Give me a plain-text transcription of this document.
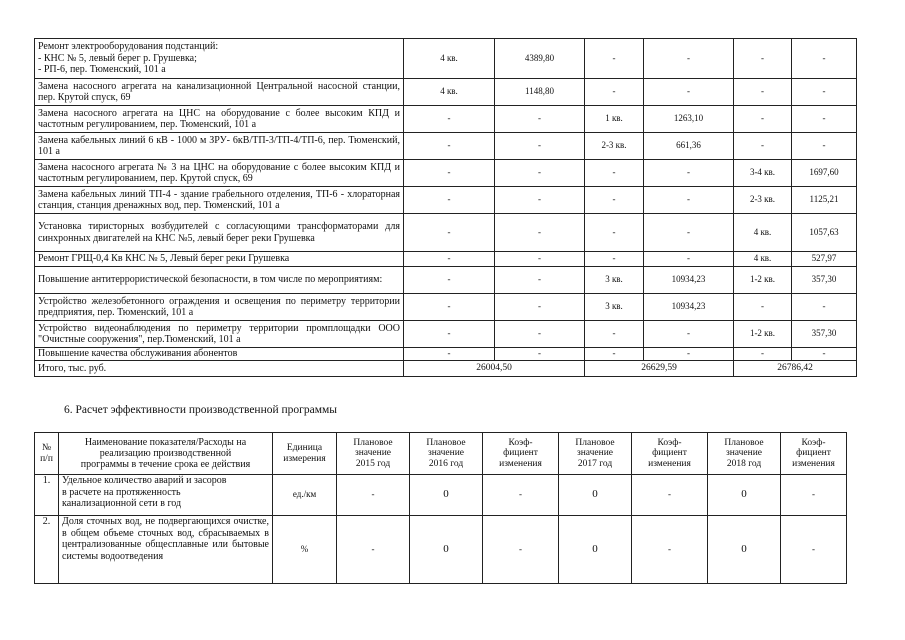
Ремонт электрооборудования подстанций:
- КНС № 5, левый берег р. Грушевка;
- РП-6, пер. Тюменский, 101 а	4 кв.	4389,80	-	-	-	-
Замена насосного агрегата на канализационной Центральной насосной станции, пер. Крутой спуск, 69	4 кв.	1148,80	-	-	-	-
Замена насосного агрегата на ЦНС на оборудование с более высоким КПД и частотным регулированием, пер. Тюменский, 101 а	-	-	1 кв.	1263,10	-	-
Замена кабельных линий 6 кВ - 1000 м ЗРУ- 6кВ/ТП-3/ТП-4/ТП-6, пер. Тюменский, 101 а	-	-	2-3 кв.	661,36	-	-
Замена насосного агрегата № 3 на ЦНС на оборудование с более высоким КПД и частотным регулированием, пер. Крутой спуск, 69	-	-	-	-	3-4 кв.	1697,60
Замена кабельных линий ТП-4 - здание грабельного отделения, ТП-6 - хлораторная станция, станция дренажных вод, пер. Тюменский, 101 а	-	-	-	-	2-3 кв.	1125,21
Установка тиристорных возбудителей с согласующими трансформаторами для синхронных двигателей на КНС №5, левый берег реки Грушевка	-	-	-	-	4 кв.	1057,63
Ремонт ГРЩ-0,4 Кв КНС № 5, Левый берег реки Грушевка	-	-	-	-	4 кв.	527,97
Повышение антитеррористической безопасности, в том числе по мероприятиям:	-	-	3 кв.	10934,23	1-2 кв.	357,30
Устройство железобетонного ограждения и освещения по периметру территории предприятия, пер. Тюменский, 101 а	-	-	3 кв.	10934,23	-	-
Устройство видеонаблюдения по периметру территории промплощадки ООО "Очистные сооружения", пер.Тюменский, 101 а	-	-	-	-	1-2 кв.	357,30
Повышение качества обслуживания абонентов	-	-	-	-	-	-
Итого, тыс. руб.	26004,50		26629,59		26786,42	
6. Расчет эффективности производственной программы
№
п/п	Наименование показателя/Расходы на
реализацию производственной
программы в течение срока ее действия	Единица
измерения	Плановое
значение
2015 год	Плановое
значение
2016 год	Коэф-
фициент
изменения	Плановое
значение
2017 год	Коэф-
фициент
изменения	Плановое
значение
2018 год	Коэф-
фициент
изменения

1.	Удельное количество аварий и засоров
в расчете на протяженность
канализационной сети в год	ед./км	-	0	-	0	-	0	-
2.	Доля сточных вод, не подвергающихся очистке, в общем объеме сточных вод, сбрасываемых в централизованные общесплавные или бытовые системы водоотведения	%	-	0	-	0	-	0	-
